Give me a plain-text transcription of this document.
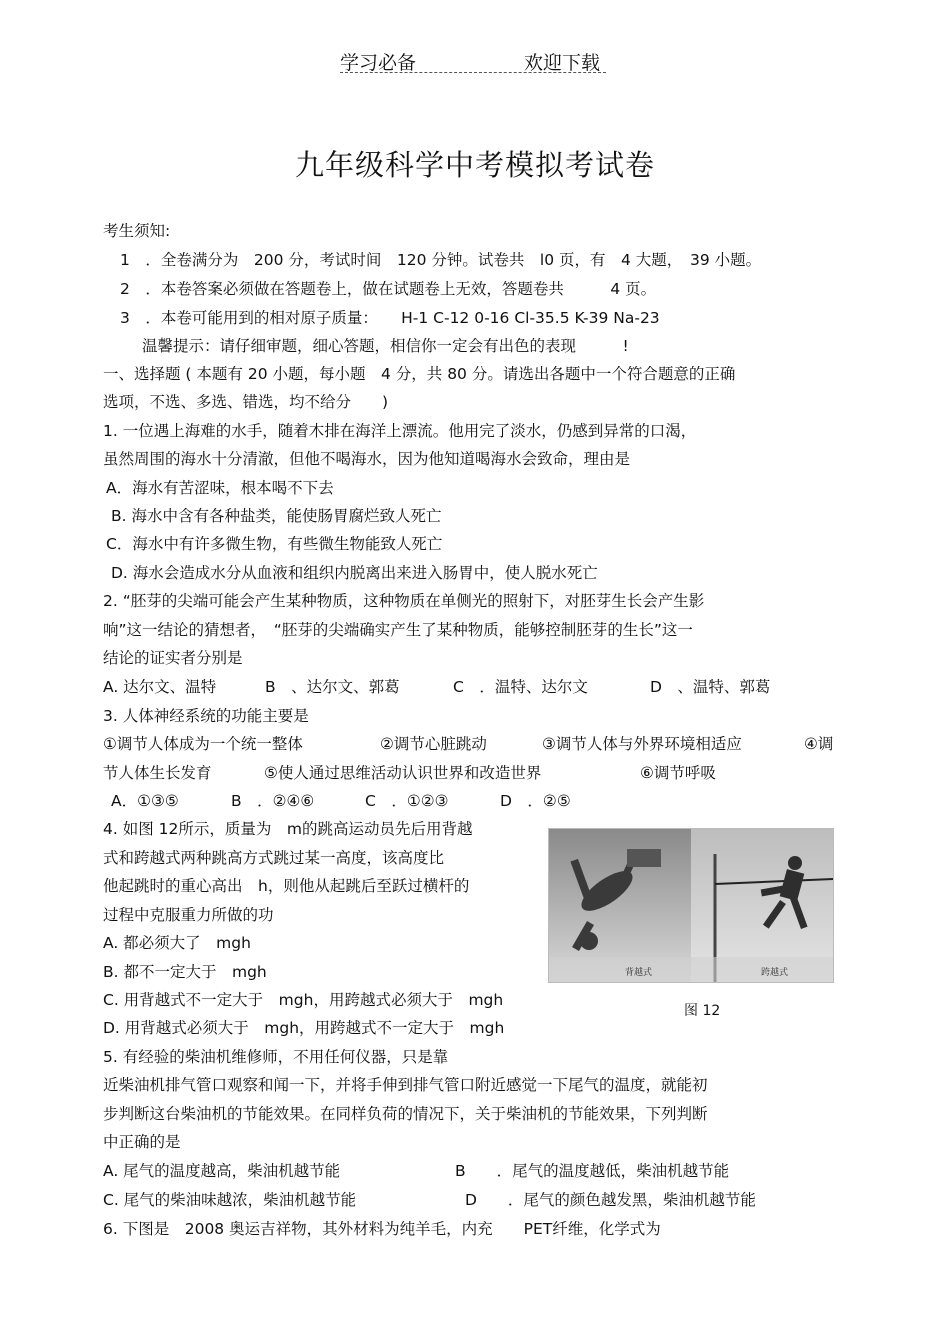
学习必备	欢迎下载
九年级科学中考模拟考试卷
考生须知:
1　．全卷满分为　200 分，考试时间　120 分钟。试卷共　l0 页，有　4 大题，　39 小题。
2　．本卷答案必须做在答题卷上，做在试题卷上无效，答题卷共　　　4 页。
3　．本卷可能用到的相对原子质量：　　H-1 C-12 0-16 Cl-35.5 K-39 Na-23
温馨提示：请仔细审题，细心答题，相信你一定会有出色的表现　　　!
一、选择题 ( 本题有 20 小题，每小题　4 分，共 80 分。请选出各题中一个符合题意的正确
选项，不选、多选、错选，均不给分　　)
1. 一位遇上海难的水手，随着木排在海洋上漂流。他用完了淡水，仍感到异常的口渴，
虽然周围的海水十分清澈，但他不喝海水，因为他知道喝海水会致命，理由是
A．海水有苦涩味，根本喝不下去
B. 海水中含有各种盐类，能使肠胃腐烂致人死亡
C．海水中有许多微生物，有些微生物能致人死亡
D. 海水会造成水分从血液和组织内脱离出来进入肠胃中，使人脱水死亡
2. “胚芽的尖端可能会产生某种物质，这种物质在单侧光的照射下，对胚芽生长会产生影
响”这一结论的猜想者，　“胚芽的尖端确实产生了某种物质，能够控制胚芽的生长”这一
结论的证实者分别是
A. 达尔文、温特	B　、达尔文、郭葛	C　．温特、达尔文	D　、温特、郭葛
3. 人体神经系统的功能主要是
①调节人体成为一个统一整体	②调节心脏跳动	③调节人体与外界环境相适应	④调
节人体生长发育	⑤使人通过思维活动认识世界和改造世界	⑥调节呼吸
A．①③⑤	B　．②④⑥	C　．①②③	D　．②⑤
4. 如图 12所示，质量为　m的跳高运动员先后用背越
式和跨越式两种跳高方式跳过某一高度，该高度比
他起跳时的重心高出　h，则他从起跳后至跃过横杆的
过程中克服重力所做的功
A. 都必须大了　mgh
B. 都不一定大于　mgh
C. 用背越式不一定大于　mgh，用跨越式必须大于　mgh
D. 用背越式必须大于　mgh，用跨越式不一定大于　mgh
背越式	跨越式
图 12
5. 有经验的柴油机维修师，不用任何仪器，只是靠
近柴油机排气管口观察和闻一下，并将手伸到排气管口附近感觉一下尾气的温度，就能初
步判断这台柴油机的节能效果。在同样负荷的情况下，关于柴油机的节能效果，下列判断
中正确的是
A. 尾气的温度越高，柴油机越节能	B　　．尾气的温度越低，柴油机越节能
C. 尾气的柴油味越浓，柴油机越节能	D　　．尾气的颜色越发黑，柴油机越节能
6. 下图是　2008 奥运吉祥物，其外材料为纯羊毛，内充　　PET纤维，化学式为
